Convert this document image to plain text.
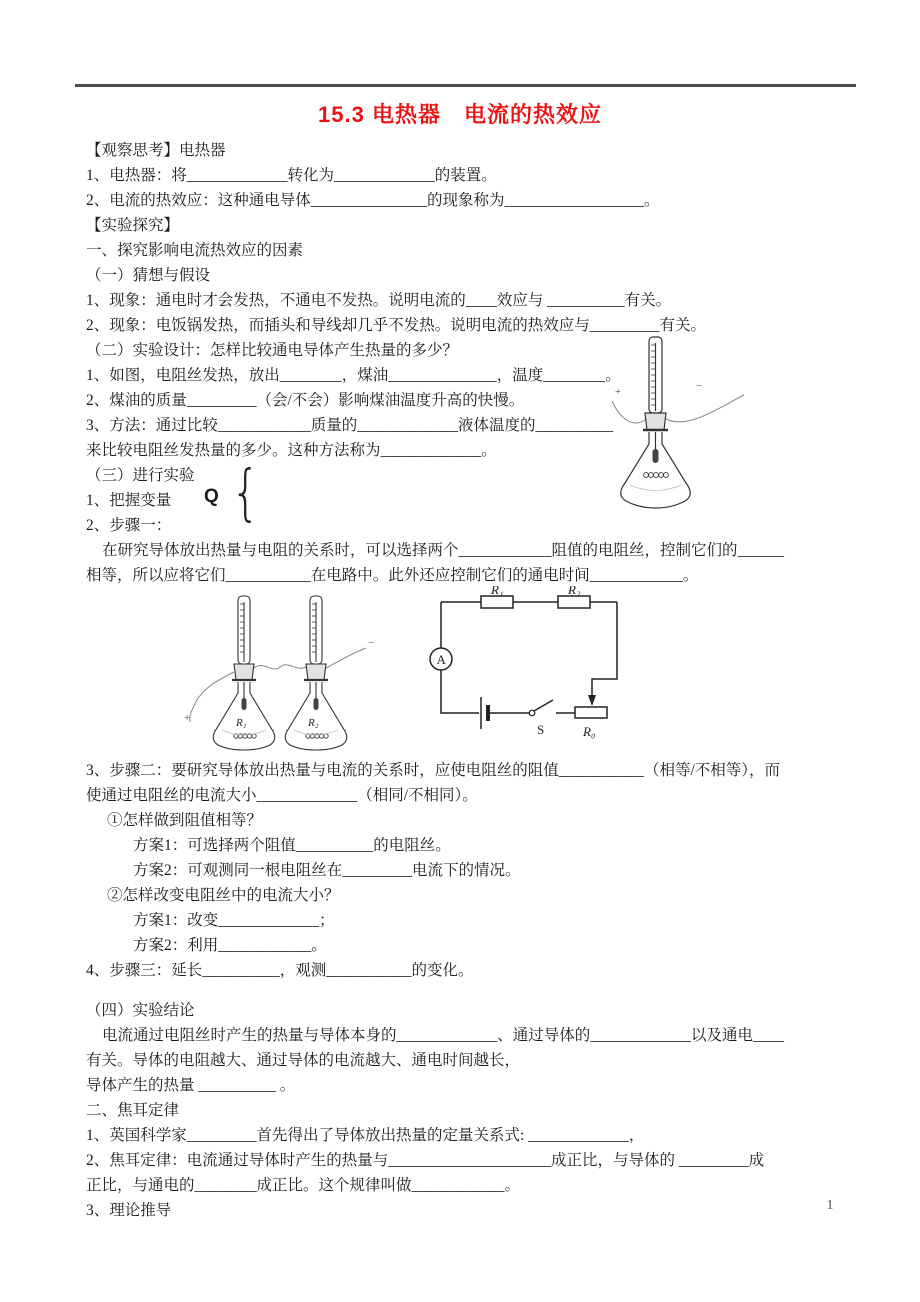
15.3 电热器　电流的热效应
【观察思考】电热器
1、电热器：将_____________转化为_____________的装置。
2、电流的热效应：这种通电导体_______________的现象称为__________________。
【实验探究】
一、探究影响电流热效应的因素
（一）猜想与假设
1、现象：通电时才会发热，不通电不发热。说明电流的____效应与 __________有关。
2、现象：电饭锅发热，而插头和导线却几乎不发热。说明电流的热效应与_________有关。
（二）实验设计：怎样比较通电导体产生热量的多少？
1、如图，电阻丝发热，放出________，煤油______________，温度________。
2、煤油的质量_________（会/不会）影响煤油温度升高的快慢。
3、方法：通过比较____________质量的_____________液体温度的__________
来比较电阻丝发热量的多少。这种方法称为_____________。
（三）进行实验
1、把握变量
2、步骤一：
在研究导体放出热量与电阻的关系时，可以选择两个____________阻值的电阻丝，控制它们的______
相等，所以应将它们___________在电路中。此外还应控制它们的通电时间____________。
+
−
R₁	R₂
R₁	R₂
A
S	R₀
3、步骤二：要研究导体放出热量与电流的关系时，应使电阻丝的阻值___________（相等/不相等），而
使通过电阻丝的电流大小_____________（相同/不相同）。
①怎样做到阻值相等？
方案1：可选择两个阻值__________的电阻丝。
方案2：可观测同一根电阻丝在_________电流下的情况。
②怎样改变电阻丝中的电流大小？
方案1：改变_____________；
方案2：利用____________。
4、步骤三：延长__________，观测___________的变化。
（四）实验结论
电流通过电阻丝时产生的热量与导体本身的_____________、通过导体的_____________以及通电____
有关。导体的电阻越大、通过导体的电流越大、通电时间越长，
导体产生的热量 __________ 。
二、焦耳定律
1、英国科学家_________首先得出了导体放出热量的定量关系式: _____________，
2、焦耳定律：电流通过导体时产生的热量与_____________________成正比，与导体的 _________成
正比，与通电的________成正比。这个规律叫做____________。
3、理论推导
Q {
+	−
1
